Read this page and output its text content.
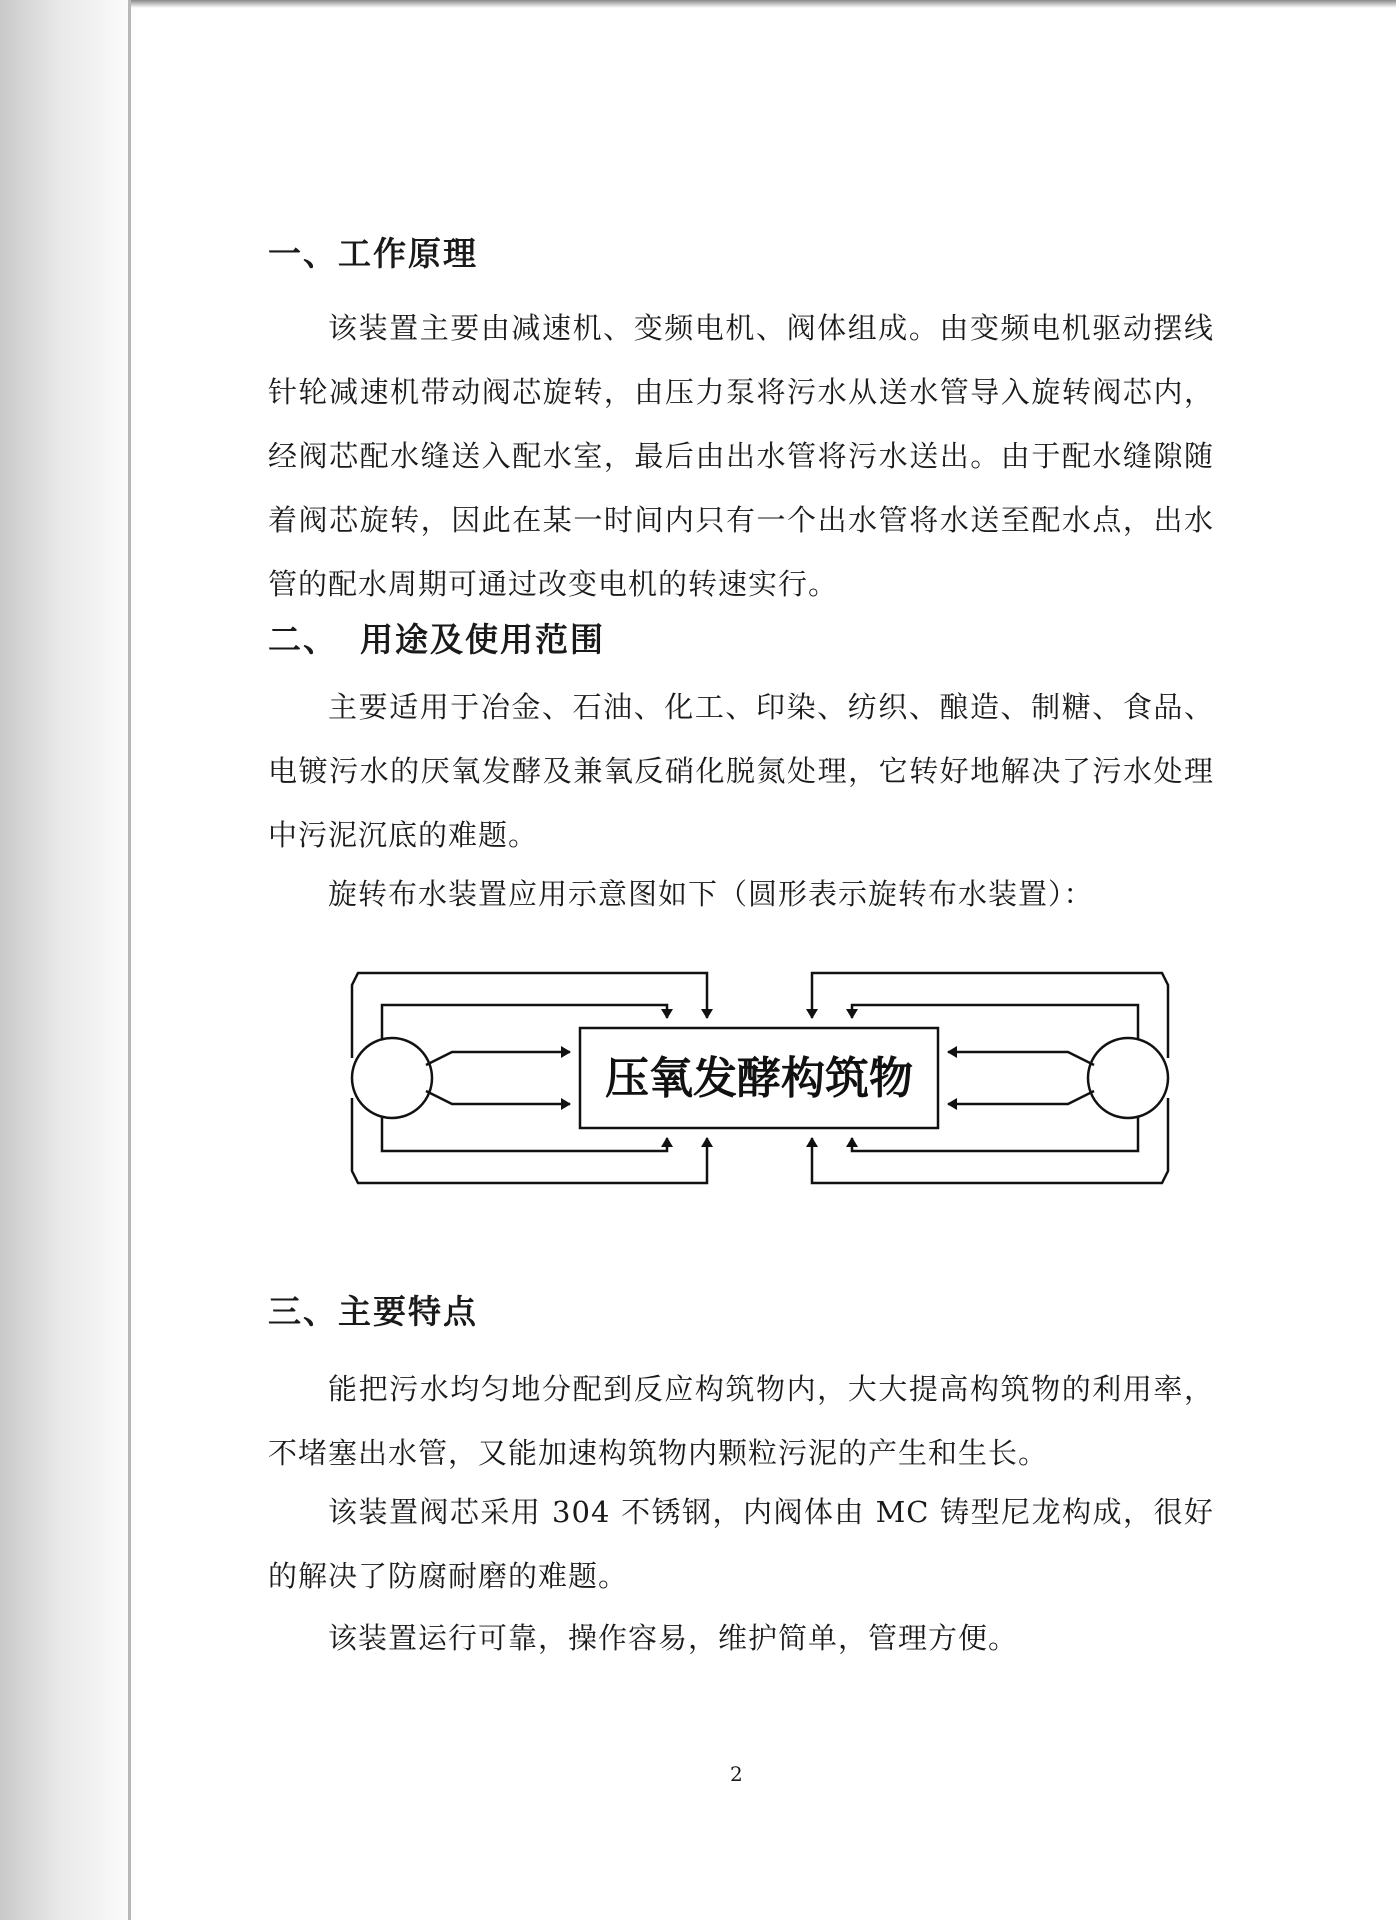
一、工作原理
该装置主要由减速机、变频电机、阀体组成。由变频电机驱动摆线针轮减速机带动阀芯旋转，由压力泵将污水从送水管导入旋转阀芯内，经阀芯配水缝送入配水室，最后由出水管将污水送出。由于配水缝隙随着阀芯旋转，因此在某一时间内只有一个出水管将水送至配水点，出水管的配水周期可通过改变电机的转速实行。
二、 用途及使用范围
主要适用于冶金、石油、化工、印染、纺织、酿造、制糖、食品、电镀污水的厌氧发酵及兼氧反硝化脱氮处理，它转好地解决了污水处理中污泥沉底的难题。
旋转布水装置应用示意图如下（圆形表示旋转布水装置）：
压氧发酵构筑物
三、主要特点
能把污水均匀地分配到反应构筑物内，大大提高构筑物的利用率，不堵塞出水管，又能加速构筑物内颗粒污泥的产生和生长。
该装置阀芯采用 304 不锈钢，内阀体由 MC 铸型尼龙构成，很好的解决了防腐耐磨的难题。
该装置运行可靠，操作容易，维护简单，管理方便。
2
